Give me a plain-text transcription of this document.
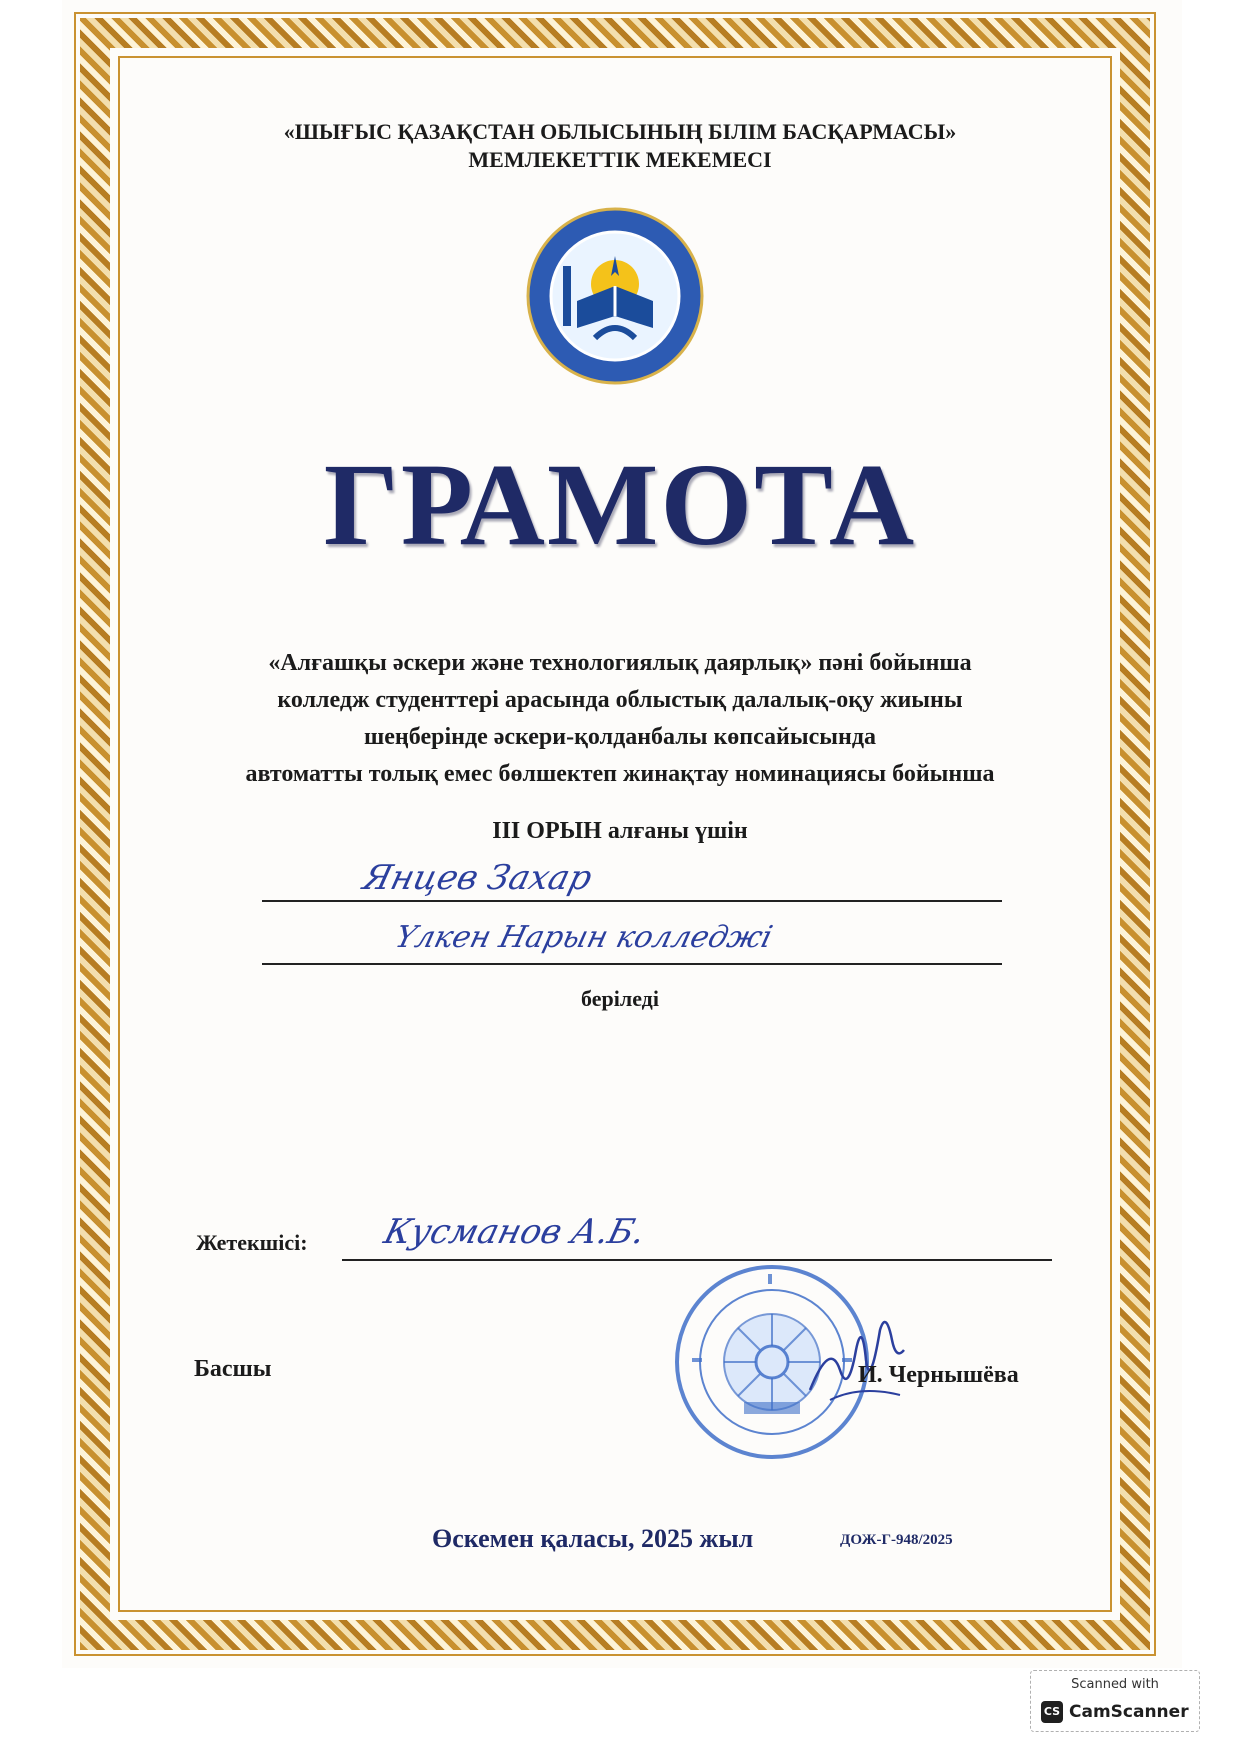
«ШЫҒЫС ҚАЗАҚСТАН ОБЛЫСЫНЫҢ БІЛІМ БАСҚАРМАСЫ»
МЕМЛЕКЕТТІК МЕКЕМЕСІ
ГРАМОТА
«Алғашқы әскери және технологиялық даярлық» пәні бойынша
колледж студенттері арасында облыстық далалық-оқу жиыны
шеңберінде әскери-қолданбалы көпсайысында
автоматты толық емес бөлшектеп жинақтау номинациясы бойынша
III ОРЫН алғаны үшін
Янцев Захар
Үлкен Нарын колледжі
беріледі
Жетекшісі: Кусманов А.Б.
Басшы	И. Чернышёва
Өскемен қаласы, 2025 жыл	ДОЖ-Г-948/2025
Scanned with
CS CamScanner
